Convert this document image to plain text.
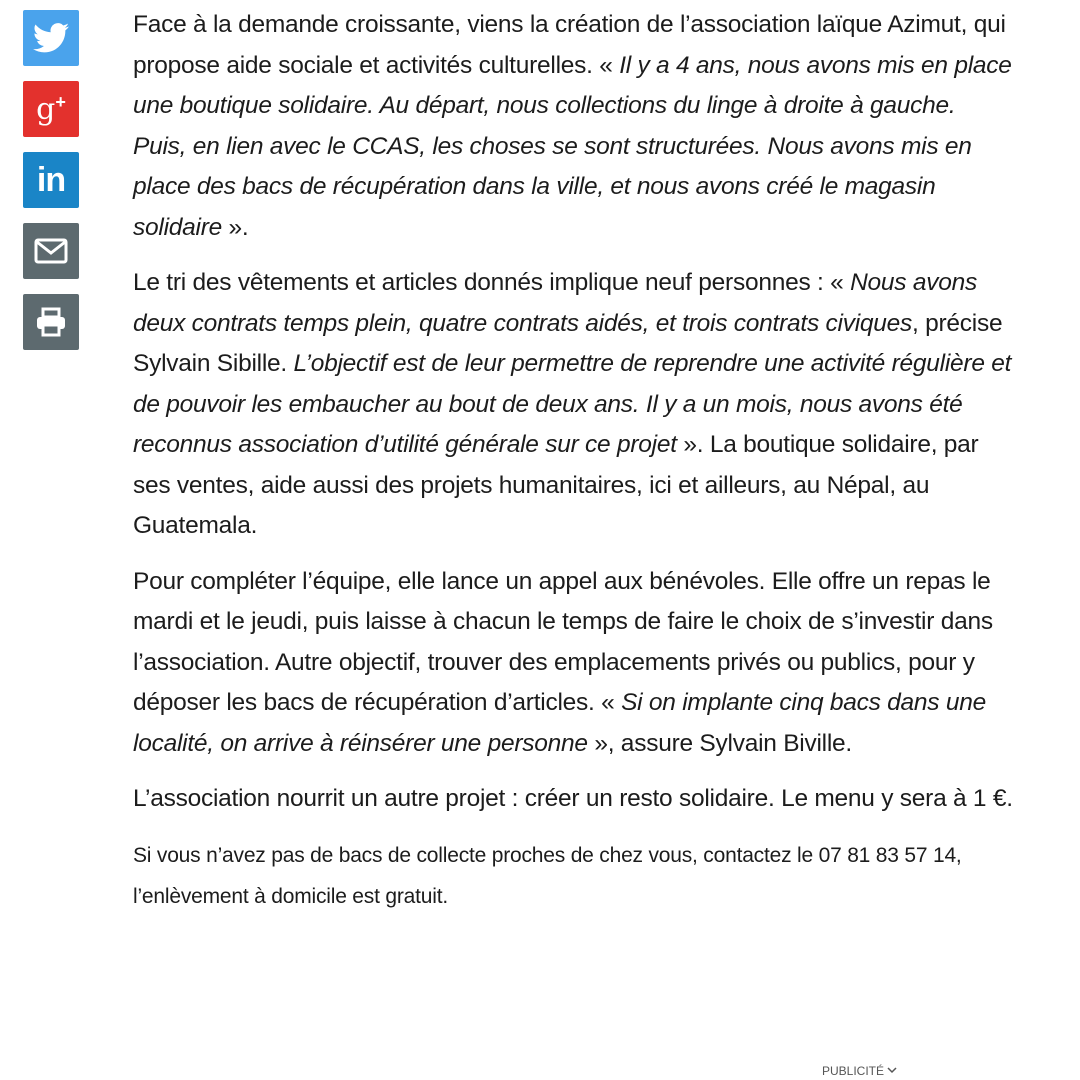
g+
in

Face à la demande croissante, viens la création de l’association laïque Azimut, qui propose aide sociale et activités culturelles. « Il y a 4 ans, nous avons mis en place une boutique solidaire. Au départ, nous collections du linge à droite à gauche. Puis, en lien avec le CCAS, les choses se sont structurées. Nous avons mis en place des bacs de récupération dans la ville, et nous avons créé le magasin solidaire ».

Le tri des vêtements et articles donnés implique neuf personnes : « Nous avons deux contrats temps plein, quatre contrats aidés, et trois contrats civiques, précise Sylvain Sibille. L’objectif est de leur permettre de reprendre une activité régulière et de pouvoir les embaucher au bout de deux ans. Il y a un mois, nous avons été reconnus association d’utilité générale sur ce projet ». La boutique solidaire, par ses ventes, aide aussi des projets humanitaires, ici et ailleurs, au Népal, au Guatemala.

Pour compléter l’équipe, elle lance un appel aux bénévoles. Elle offre un repas le mardi et le jeudi, puis laisse à chacun le temps de faire le choix de s’investir dans l’association. Autre objectif, trouver des emplacements privés ou publics, pour y déposer les bacs de récupération d’articles. « Si on implante cinq bacs dans une localité, on arrive à réinsérer une personne », assure Sylvain Biville.

L’association nourrit un autre projet : créer un resto solidaire. Le menu y sera à 1 €.

Si vous n’avez pas de bacs de collecte proches de chez vous, contactez le 07 81 83 57 14, l’enlèvement à domicile est gratuit.

PUBLICITÉ
